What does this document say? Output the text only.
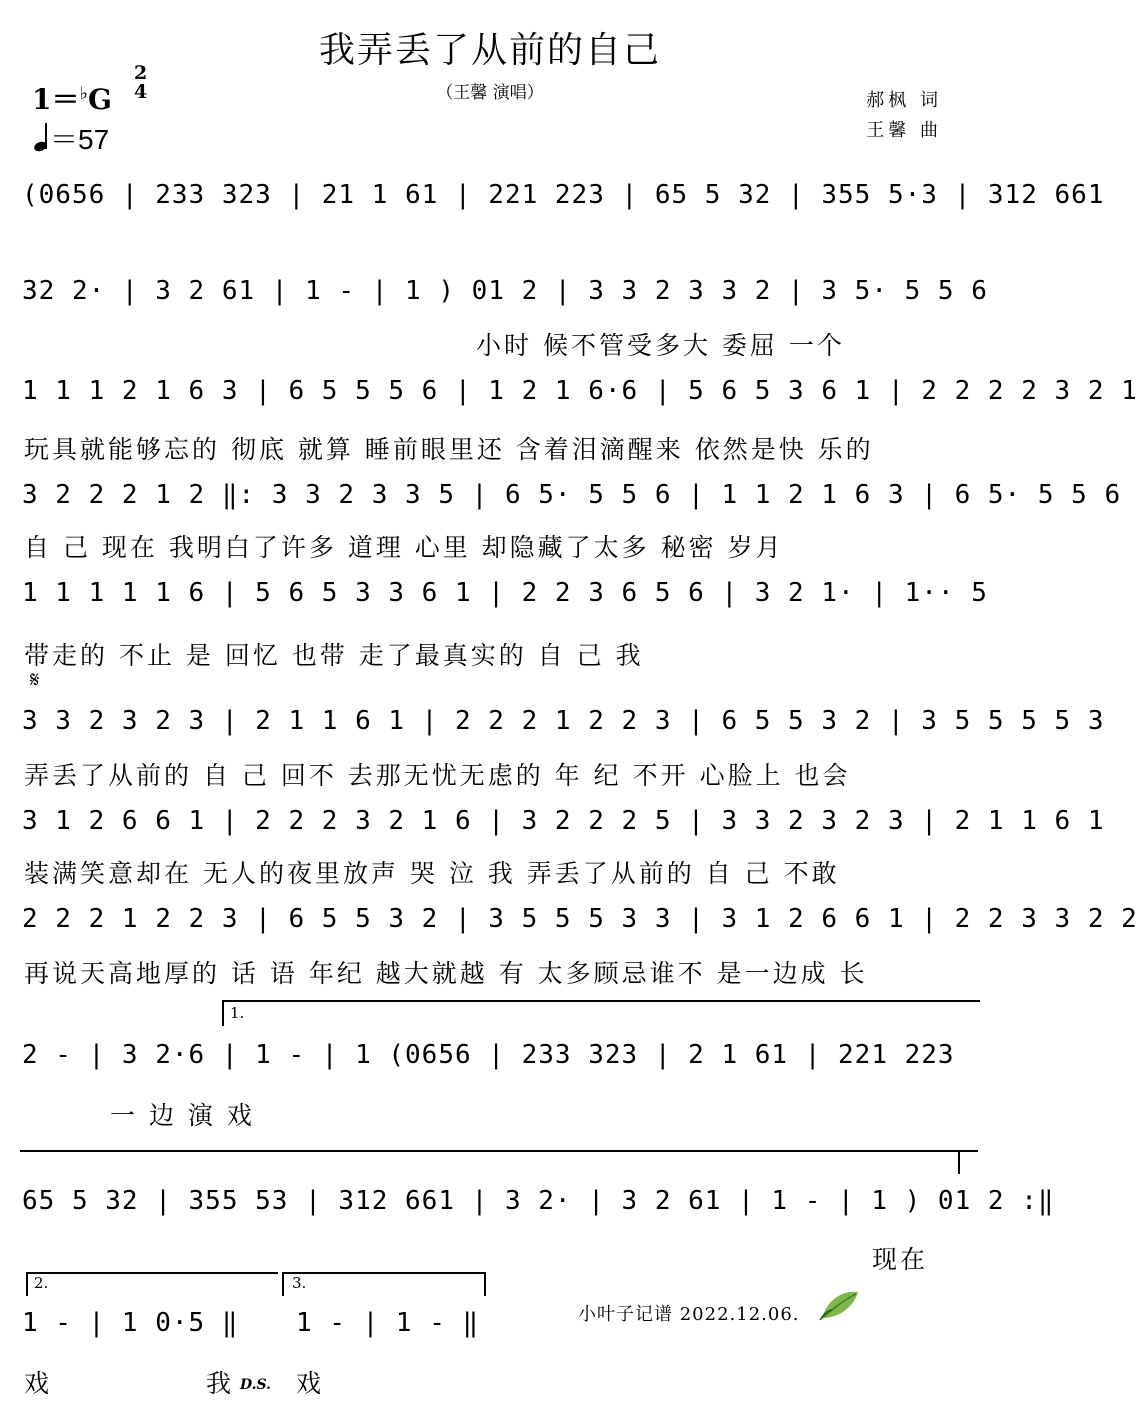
我弄丢了从前的自己
（王馨 演唱）
1＝♭G
2
4
＝57
郝枫 词
王馨 曲
(0656 | 233 323 | 21 1 61 | 221 223 | 65 5 32 | 355 5·3 | 312 661
32 2· | 3 2 61 | 1 - | 1 ) 01 2 | 3 3 2 3 3 2 | 3 5· 5 5 6
小时 候不管受多大 委屈 一个
1 1 1 2 1 6 3 | 6 5 5 5 6 | 1 2 1 6·6 | 5 6 5 3 6 1 | 2 2 2 2 3 2 1
玩具就能够忘的 彻底 就算 睡前眼里还 含着泪滴醒来 依然是快 乐的
3 2 2 2 1 2 ‖: 3 3 2 3 3 5 | 6 5· 5 5 6 | 1 1 2 1 6 3 | 6 5· 5 5 6
自 己 现在 我明白了许多 道理 心里 却隐藏了太多 秘密 岁月
1 1 1 1 1 6 | 5 6 5 3 3 6 1 | 2 2 3 6 5 6 | 3 2 1· | 1·· 5
带走的 不止 是 回忆 也带 走了最真实的 自 己 我
𝄋
3 3 2 3 2 3 | 2 1 1 6 1 | 2 2 2 1 2 2 3 | 6 5 5 3 2 | 3 5 5 5 5 3
弄丢了从前的 自 己 回不 去那无忧无虑的 年 纪 不开 心脸上 也会
3 1 2 6 6 1 | 2 2 2 3 2 1 6 | 3 2 2 2 5 | 3 3 2 3 2 3 | 2 1 1 6 1
装满笑意却在 无人的夜里放声 哭 泣 我 弄丢了从前的 自 己 不敢
2 2 2 1 2 2 3 | 6 5 5 3 2 | 3 5 5 5 3 3 | 3 1 2 6 6 1 | 2 2 3 3 2 2
再说天高地厚的 话 语 年纪 越大就越 有 太多顾忌谁不 是一边成 长
1.
2 - | 3 2·6 | 1 - | 1 (0656 | 233 323 | 2 1 61 | 221 223
一 边 演 戏
65 5 32 | 355 53 | 312 661 | 3 2· | 3 2 61 | 1 - | 1 ) 01 2 :‖
现在
2.	3.
1 - | 1 0·5 ‖ 1 - | 1 - ‖
戏	我 D.S. 戏
小叶子记谱 2022.12.06.
